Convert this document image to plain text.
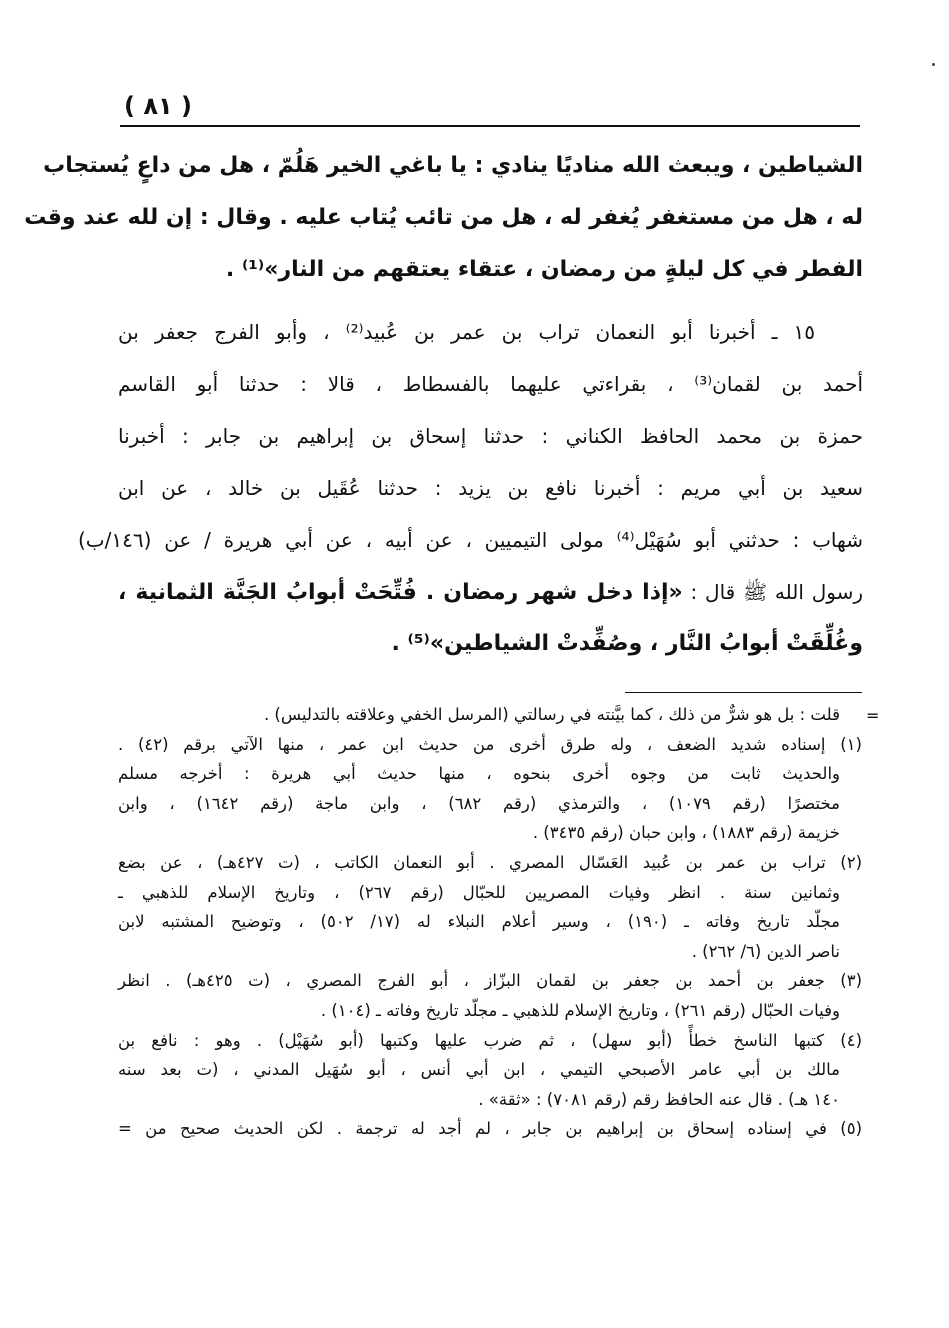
( ٨١ )
الشياطين ، ويبعث الله مناديًا ينادي : يا باغي الخير هَلُمّ ، هل من داعٍ يُستجاب
له ، هل من مستغفر يُغفر له ، هل من تائب يُتاب عليه . وقال : إن لله عند وقت
الفطر في كل ليلةٍ من رمضان ، عتقاء يعتقهم من النار»⁽¹⁾ .
١٥ ـ أخبرنا أبو النعمان تراب بن عمر بن عُبيد⁽²⁾ ، وأبو الفرج جعفر بن
أحمد بن لقمان⁽³⁾ ، بقراءتي عليهما بالفسطاط ، قالا : حدثنا أبو القاسم
حمزة بن محمد الحافظ الكناني : حدثنا إسحاق بن إبراهيم بن جابر : أخبرنا
سعيد بن أبي مريم : أخبرنا نافع بن يزيد : حدثنا عُقَيل بن خالد ، عن ابن
شهاب : حدثني أبو سُهَيْل⁽⁴⁾ مولى التيميين ، عن أبيه ، عن أبي هريرة / عن (١٤٦/ب)
رسول الله ﷺ قال : «إذا دخل شهر رمضان . فُتِّحَتْ أبوابُ الجَنَّة الثمانية ،
وغُلِّقَتْ أبوابُ النَّار ، وصُفِّدتْ الشياطين»⁽⁵⁾ .
=
قلت : بل هو شرٌّ من ذلك ، كما بيَّنته في رسالتي (المرسل الخفي وعلاقته بالتدليس) .
(١) إسناده شديد الضعف ، وله طرق أخرى من حديث ابن عمر ، منها الآتي برقم (٤٢) .
والحديث ثابت من وجوه أخرى بنحوه ، منها حديث أبي هريرة : أخرجه مسلم
مختصرًا (رقم ١٠٧٩) ، والترمذي (رقم ٦٨٢) ، وابن ماجة (رقم ١٦٤٢) ، وابن
خزيمة (رقم ١٨٨٣) ، وابن حبان (رقم ٣٤٣٥) .
(٢) تراب بن عمر بن عُبيد العَسّال المصري . أبو النعمان الكاتب ، (ت ٤٢٧هـ) ، عن بضع
وثمانين سنة . انظر وفيات المصريين للحبّال (رقم ٢٦٧) ، وتاريخ الإسلام للذهبي ـ
مجلّد تاريخ وفاته ـ (١٩٠) ، وسير أعلام النبلاء له (١٧/ ٥٠٢) ، وتوضيح المشتبه لابن
ناصر الدين (٦/ ٢٦٢) .
(٣) جعفر بن أحمد بن جعفر بن لقمان البزّاز ، أبو الفرج المصري ، (ت ٤٢٥هـ) . انظر
وفيات الحبّال (رقم ٢٦١) ، وتاريخ الإسلام للذهبي ـ مجلّد تاريخ وفاته ـ (١٠٤) .
(٤) كتبها الناسخ خطأً (أبو سهل) ، ثم ضرب عليها وكتبها (أبو سُهَيْل) . وهو : نافع بن
مالك بن أبي عامر الأصبحي التيمي ، ابن أبي أنس ، أبو سُهَيل المدني ، (ت بعد سنه
١٤٠ هـ) . قال عنه الحافظ رقم (رقم ٧٠٨١) : «ثقة» .
(٥) في إسناده إسحاق بن إبراهيم بن جابر ، لم أجد له ترجمة . لكن الحديث صحيح من =
